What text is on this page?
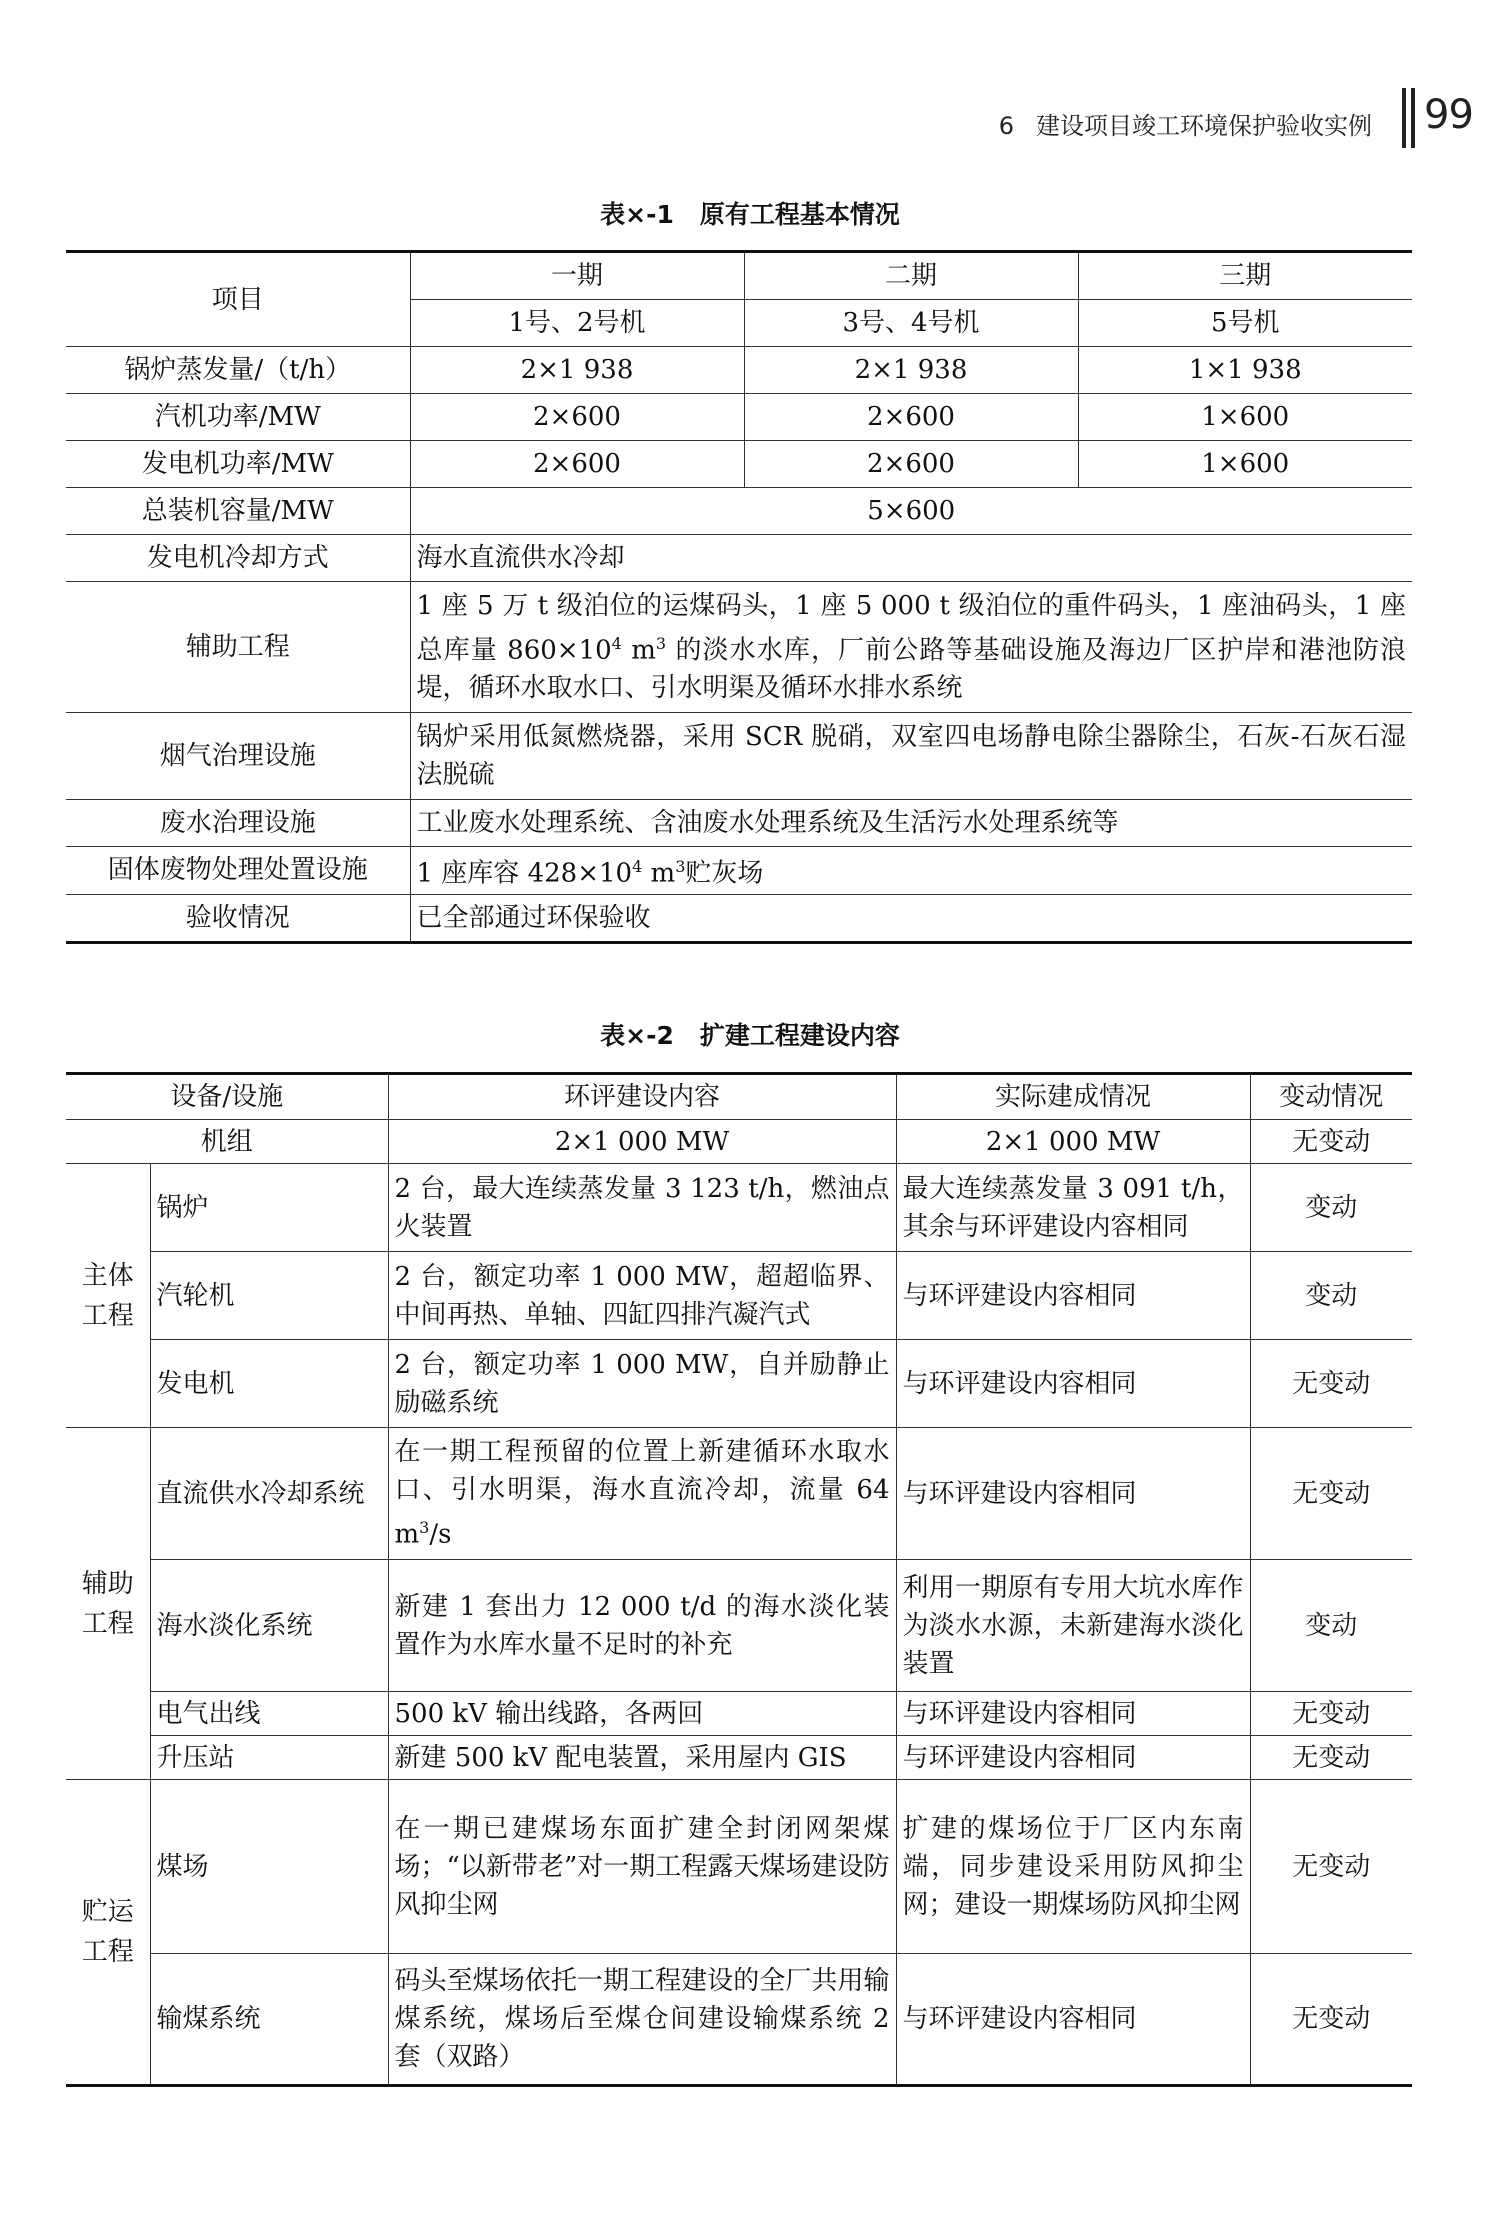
6 建设项目竣工环境保护验收实例 99
表×-1 原有工程基本情况
项目	一期	二期	三期
	1号、2号机	3号、4号机	5号机
锅炉蒸发量/（t/h）	2×1 938	2×1 938	1×1 938
汽机功率/MW	2×600	2×600	1×600
发电机功率/MW	2×600	2×600	1×600
总装机容量/MW	5×600		
发电机冷却方式	海水直流供水冷却		
辅助工程	1 座 5 万 t 级泊位的运煤码头，1 座 5 000 t 级泊位的重件码头，1 座油码头，1 座总库量 $860\times 10^4$ $m^3$ 的淡水水库，厂前公路等基础设施及海边厂区护岸和港池防浪堤，循环水取水口、引水明渠及循环水排水系统		
烟气治理设施	锅炉采用低氮燃烧器，采用 SCR 脱硝，双室四电场静电除尘器除尘，石灰-石灰石湿法脱硫		
废水治理设施	工业废水处理系统、含油废水处理系统及生活污水处理系统等		
固体废物处理处置设施	1 座库容 $428\times 10^4$ $m^3$贮灰场		
验收情况	已全部通过环保验收		
表×-2 扩建工程建设内容
设备/设施		环评建设内容	实际建成情况	变动情况
机组		2×1 000 MW	2×1 000 MW	无变动

主体
工程	锅炉	2 台，最大连续蒸发量 3 123 t/h，燃油点火装置	最大连续蒸发量 3 091 t/h，其余与环评建设内容相同	变动
	汽轮机	2 台，额定功率 1 000 MW，超超临界、中间再热、单轴、四缸四排汽凝汽式	与环评建设内容相同	变动
	发电机	2 台，额定功率 1 000 MW，自并励静止励磁系统	与环评建设内容相同	无变动

辅助
工程	直流供水冷却系统	在一期工程预留的位置上新建循环水取水口、引水明渠，海水直流冷却，流量 64 $m^3/s$	与环评建设内容相同	无变动
	海水淡化系统	新建 1 套出力 12 000 t/d 的海水淡化装置作为水库水量不足时的补充	利用一期原有专用大坑水库作为淡水水源，未新建海水淡化装置	变动
	电气出线	500 kV 输出线路，各两回	与环评建设内容相同	无变动
	升压站	新建 500 kV 配电装置，采用屋内 GIS	与环评建设内容相同	无变动

贮运
工程	煤场	在一期已建煤场东面扩建全封闭网架煤场；“以新带老”对一期工程露天煤场建设防风抑尘网	扩建的煤场位于厂区内东南端，同步建设采用防风抑尘网；建设一期煤场防风抑尘网	无变动
	输煤系统	码头至煤场依托一期工程建设的全厂共用输煤系统，煤场后至煤仓间建设输煤系统 2 套（双路）	与环评建设内容相同	无变动
